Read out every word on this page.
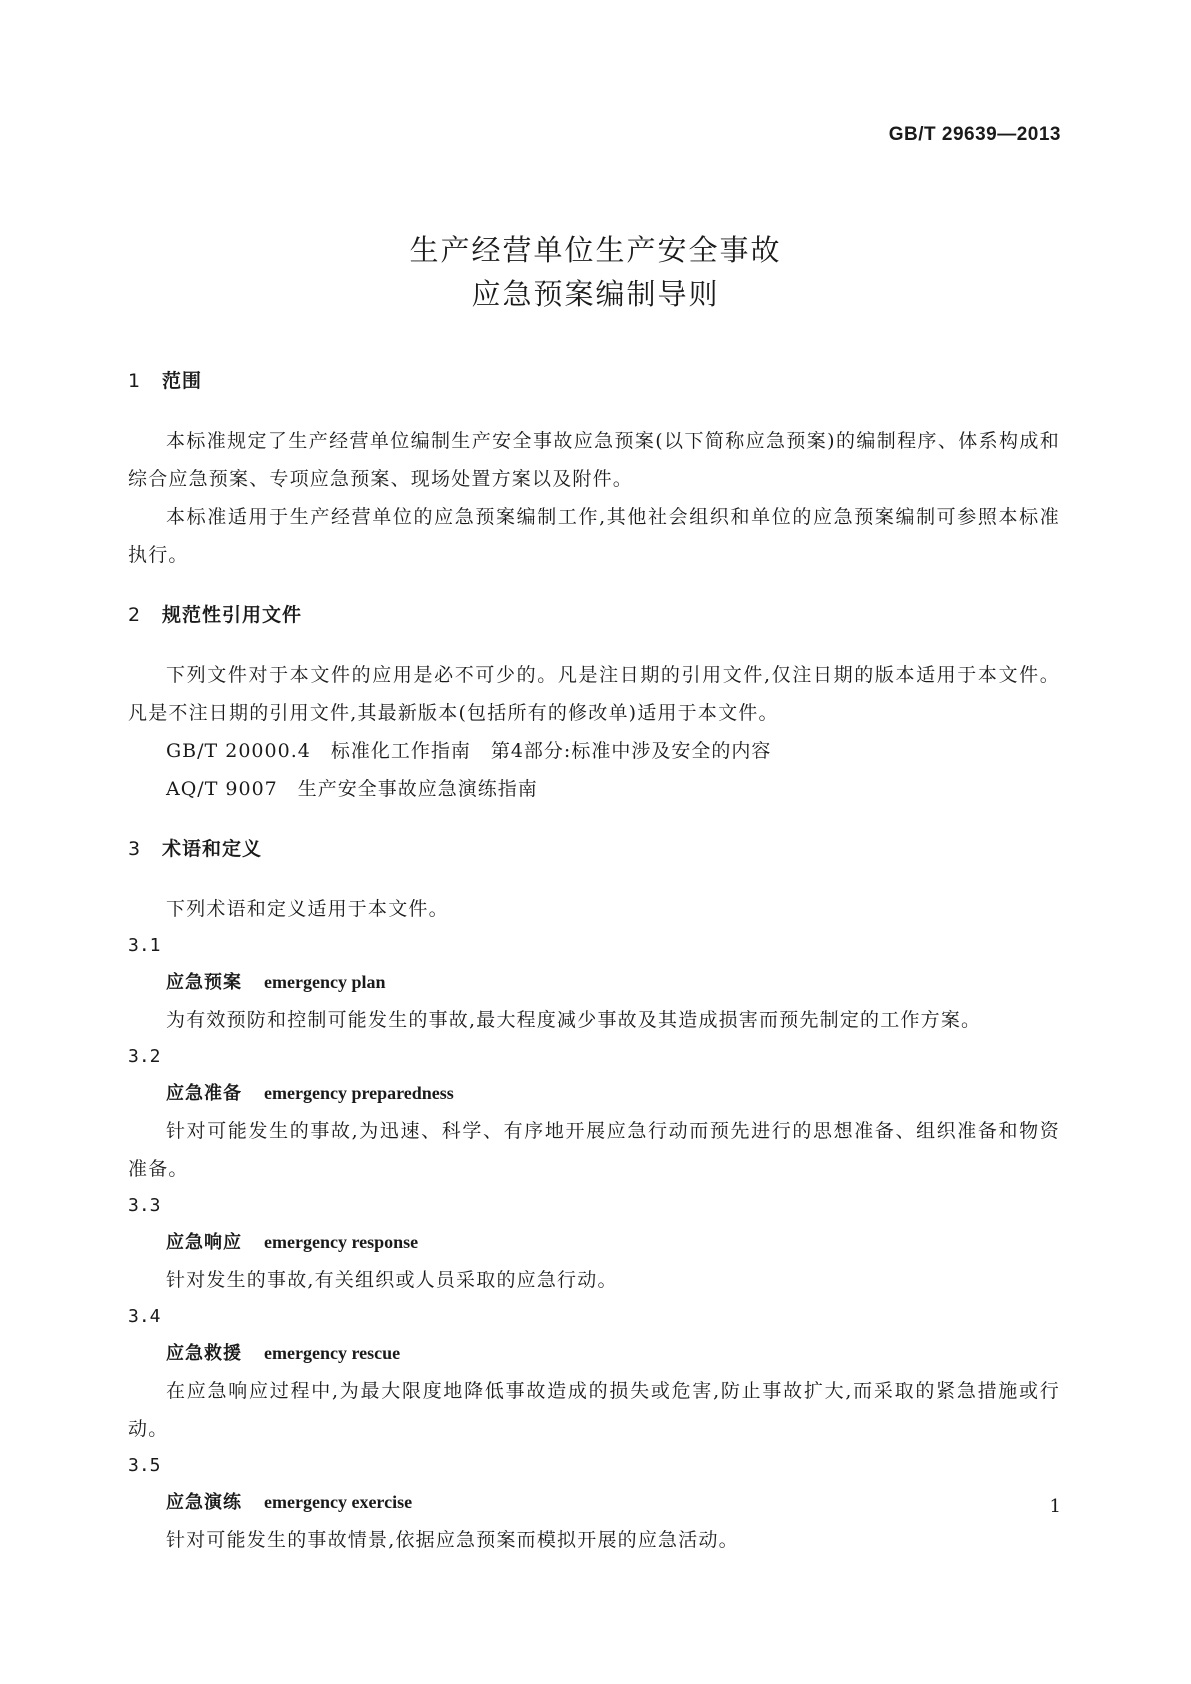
GB/T 29639—2013
生产经营单位生产安全事故
应急预案编制导则
1 范围

本标准规定了生产经营单位编制生产安全事故应急预案(以下简称应急预案)的编制程序、体系构成和综合应急预案、专项应急预案、现场处置方案以及附件。

本标准适用于生产经营单位的应急预案编制工作,其他社会组织和单位的应急预案编制可参照本标准执行。

2 规范性引用文件

下列文件对于本文件的应用是必不可少的。凡是注日期的引用文件,仅注日期的版本适用于本文件。凡是不注日期的引用文件,其最新版本(包括所有的修改单)适用于本文件。

GB/T 20000.4 标准化工作指南　第4部分:标准中涉及安全的内容
AQ/T 9007 生产安全事故应急演练指南
3 术语和定义

下列术语和定义适用于本文件。

3.1
应急预案 emergency plan

为有效预防和控制可能发生的事故,最大程度减少事故及其造成损害而预先制定的工作方案。

3.2
应急准备 emergency preparedness

针对可能发生的事故,为迅速、科学、有序地开展应急行动而预先进行的思想准备、组织准备和物资准备。

3.3
应急响应 emergency response

针对发生的事故,有关组织或人员采取的应急行动。

3.4
应急救援 emergency rescue

在应急响应过程中,为最大限度地降低事故造成的损失或危害,防止事故扩大,而采取的紧急措施或行动。

3.5
应急演练 emergency exercise

针对可能发生的事故情景,依据应急预案而模拟开展的应急活动。

1
